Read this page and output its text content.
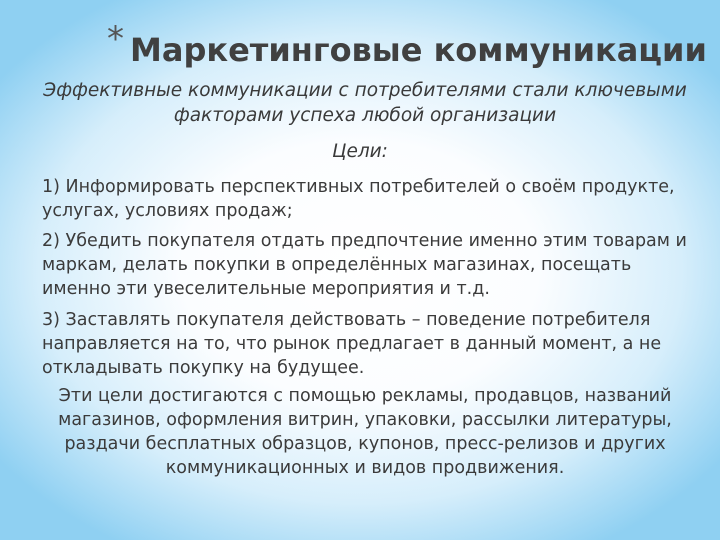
* Маркетинговые коммуникации
Эффективные коммуникации с потребителями стали ключевыми факторами успеха любой организации
Цели:
1) Информировать перспективных потребителей о своём продукте, услугах, условиях продаж;
2) Убедить покупателя отдать предпочтение именно этим товарам и маркам, делать покупки в определённых магазинах, посещать именно эти увеселительные мероприятия и т.д.
3) Заставлять покупателя действовать – поведение потребителя направляется на то, что рынок предлагает в данный момент, а не откладывать покупку на будущее.
Эти цели достигаются с помощью рекламы, продавцов, названий магазинов, оформления витрин, упаковки, рассылки литературы, раздачи бесплатных образцов, купонов, пресс-релизов и других коммуникационных и видов продвижения.
